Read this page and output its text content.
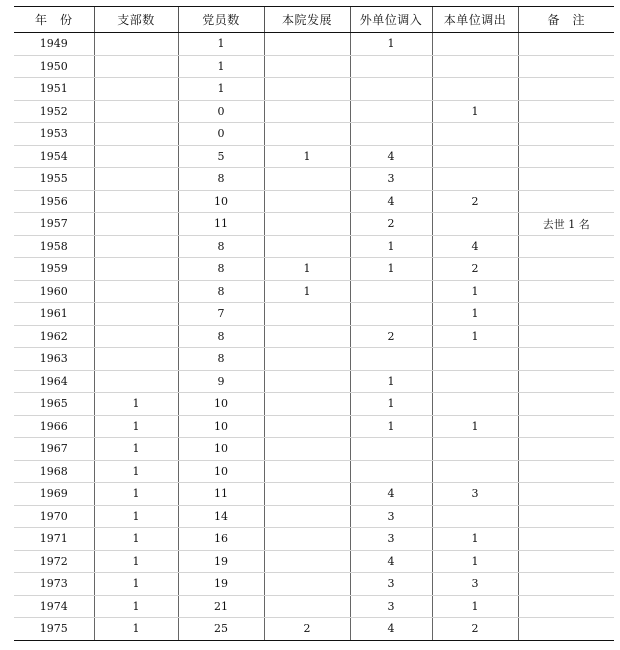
年　份	支部数	党员数	本院发展	外单位调入	本单位调出	备　注
1949		1		1		
1950		1				
1951		1				
1952		0			1	
1953		0				
1954		5	1	4		
1955		8		3		
1956		10		4	2	
1957		11		2		去世 1 名
1958		8		1	4	
1959		8	1	1	2	
1960		8	1		1	
1961		7			1	
1962		8		2	1	
1963		8				
1964		9		1		
1965	1	10		1		
1966	1	10		1	1	
1967	1	10				
1968	1	10				
1969	1	11		4	3	
1970	1	14		3		
1971	1	16		3	1	
1972	1	19		4	1	
1973	1	19		3	3	
1974	1	21		3	1	
1975	1	25	2	4	2	
